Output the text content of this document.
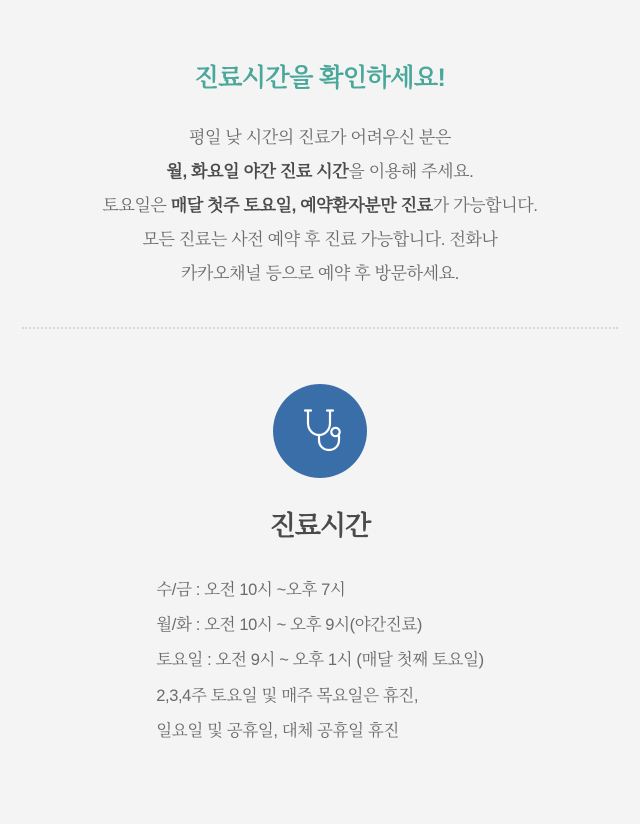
진료시간을 확인하세요!
평일 낮 시간의 진료가 어려우신 분은
월, 화요일 야간 진료 시간을 이용해 주세요.
토요일은 매달 첫주 토요일, 예약환자분만 진료가 가능합니다.
모든 진료는 사전 예약 후 진료 가능합니다. 전화나
카카오채널 등으로 예약 후 방문하세요.
진료시간
수/금 : 오전 10시 ~오후 7시
월/화 : 오전 10시 ~ 오후 9시(야간진료)
토요일 : 오전 9시 ~ 오후 1시 (매달 첫째 토요일)
2,3,4주 토요일 및 매주 목요일은 휴진,
일요일 및 공휴일, 대체 공휴일 휴진
